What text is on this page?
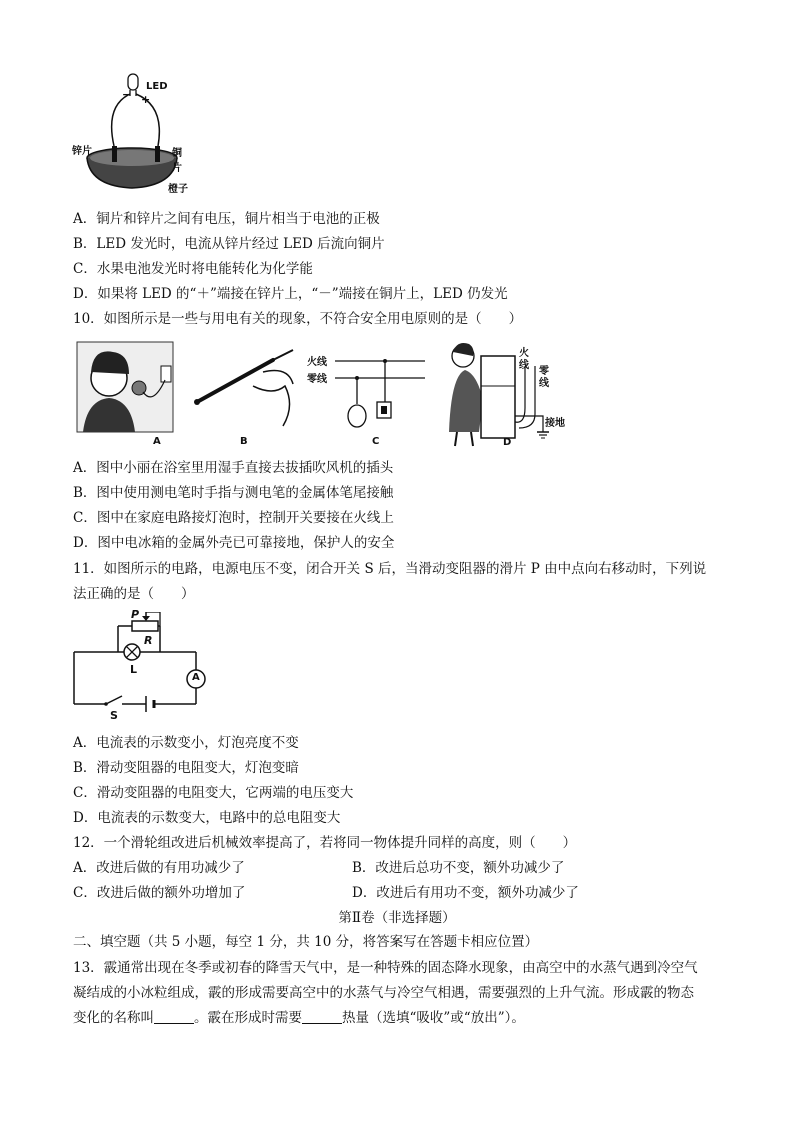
LED
− +
锌片	铜片
橙子
A．铜片和锌片之间有电压，铜片相当于电池的正极
B．LED 发光时，电流从锌片经过 LED 后流向铜片
C．水果电池发光时将电能转化为化学能
D．如果将 LED 的“＋”端接在锌片上，“－”端接在铜片上，LED 仍发光
10．如图所示是一些与用电有关的现象，不符合安全用电原则的是（　　）
A	B	C	D
火线
零线
火线
零线
接地
A．图中小丽在浴室里用湿手直接去拔插吹风机的插头
B．图中使用测电笔时手指与测电笔的金属体笔尾接触
C．图中在家庭电路接灯泡时，控制开关要接在火线上
D．图中电冰箱的金属外壳已可靠接地，保护人的安全
11．如图所示的电路，电源电压不变，闭合开关 S 后，当滑动变阻器的滑片 P 由中点向右移动时，下列说
法正确的是（　　）
P
R
L
S
A
A．电流表的示数变小，灯泡亮度不变
B．滑动变阻器的电阻变大，灯泡变暗
C．滑动变阻器的电阻变大，它两端的电压变大
D．电流表的示数变大，电路中的总电阻变大
12．一个滑轮组改进后机械效率提高了，若将同一物体提升同样的高度，则（　　）
A．改进后做的有用功减少了	B．改进后总功不变，额外功减少了
C．改进后做的额外功增加了	D．改进后有用功不变，额外功减少了
第Ⅱ卷（非选择题）
二、填空题（共 5 小题，每空 1 分，共 10 分，将答案写在答题卡相应位置）
13．霰通常出现在冬季或初春的降雪天气中，是一种特殊的固态降水现象，由高空中的水蒸气遇到冷空气
凝结成的小冰粒组成，霰的形成需要高空中的水蒸气与冷空气相遇，需要强烈的上升气流。形成霰的物态
变化的名称叫	。霰在形成时需要	热量（选填“吸收”或“放出”）。
